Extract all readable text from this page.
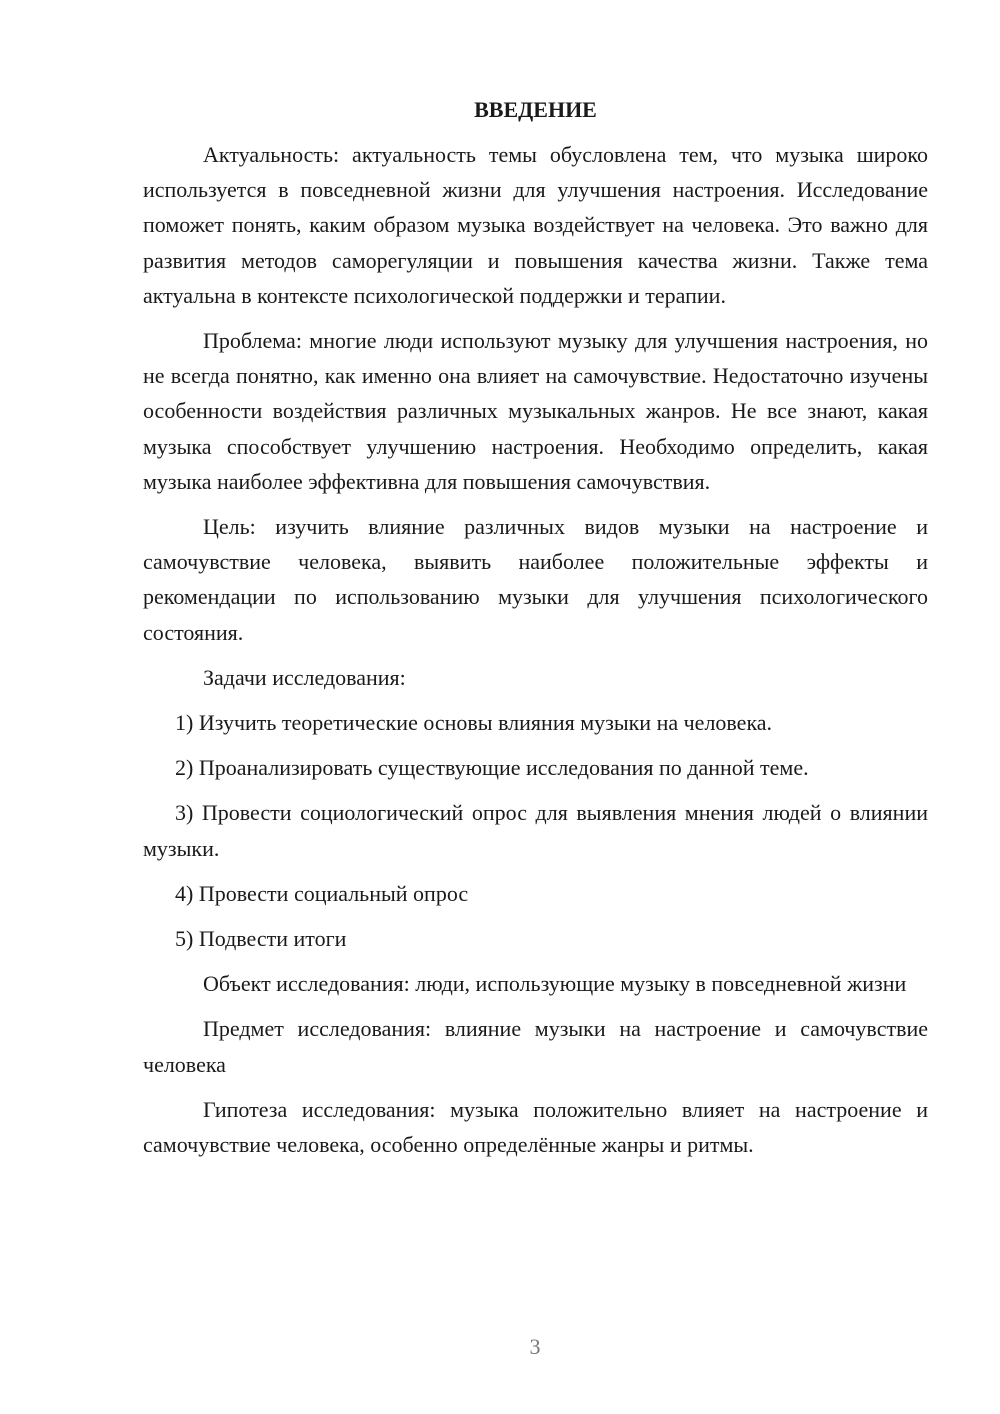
ВВЕДЕНИЕ

Актуальность: актуальность темы обусловлена тем, что музыка широко используется в повседневной жизни для улучшения настроения. Исследование поможет понять, каким образом музыка воздействует на человека. Это важно для развития методов саморегуляции и повышения качества жизни. Также тема актуальна в контексте психологической поддержки и терапии.

Проблема: многие люди используют музыку для улучшения настроения, но не всегда понятно, как именно она влияет на самочувствие. Недостаточно изучены особенности воздействия различных музыкальных жанров. Не все знают, какая музыка способствует улучшению настроения. Необходимо определить, какая музыка наиболее эффективна для повышения самочувствия.

Цель: изучить влияние различных видов музыки на настроение и самочувствие человека, выявить наиболее положительные эффекты и рекомендации по использованию музыки для улучшения психологического состояния.

Задачи исследования:

1) Изучить теоретические основы влияния музыки на человека.

2) Проанализировать существующие исследования по данной теме.

3) Провести социологический опрос для выявления мнения людей о влиянии музыки.

4) Провести социальный опрос

5) Подвести итоги

Объект исследования: люди, использующие музыку в повседневной жизни

Предмет исследования: влияние музыки на настроение и самочувствие человека

Гипотеза исследования: музыка положительно влияет на настроение и самочувствие человека, особенно определённые жанры и ритмы.

3
